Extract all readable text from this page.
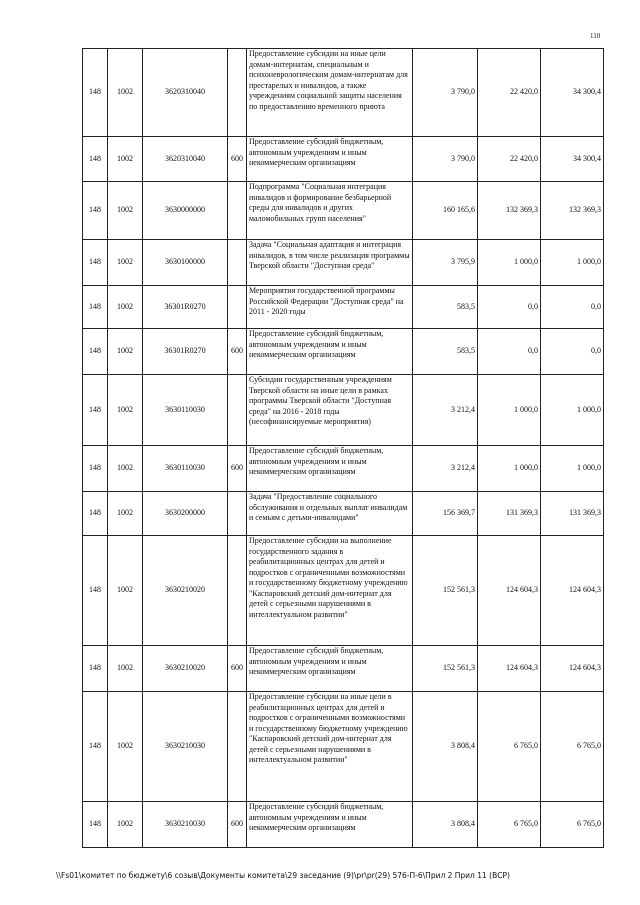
110
148	1002	3620310040		Предоставление субсидии на иные цели домам-интернатам, специальным и психоневрологическим домам-интернатам для престарелых и инвалидов, а также учреждениям социальной защиты населения по предоставлению временного приюта	3 790,0	22 420,0	34 300,4
148	1002	3620310040	600	Предоставление субсидий бюджетным, автономным учреждениям и иным некоммерческим организациям	3 790,0	22 420,0	34 300,4
148	1002	3630000000		Подпрограмма "Социальная интеграция инвалидов и формирование безбарьерной среды для инвалидов и других маломобильных групп населения"	160 165,6	132 369,3	132 369,3
148	1002	3630100000		Задача "Социальная адаптация и интеграция инвалидов, в том числе реализация программы Тверской области "Доступная среда"	3 795,9	1 000,0	1 000,0
148	1002	36301R0270		Мероприятия государственной программы Российской Федерации "Доступная среда" на 2011 - 2020 годы	583,5	0,0	0,0
148	1002	36301R0270	600	Предоставление субсидий бюджетным, автономным учреждениям и иным некоммерческим организациям	583,5	0,0	0,0
148	1002	3630110030		Субсидии государственным учреждениям Тверской области на иные цели в рамках программы Тверской области "Доступная среда" на 2016 - 2018 годы (несофинансируемые мероприятия)	3 212,4	1 000,0	1 000,0
148	1002	3630110030	600	Предоставление субсидий бюджетным, автономным учреждениям и иным некоммерческим организациям	3 212,4	1 000,0	1 000,0
148	1002	3630200000		Задача "Предоставление социального обслуживания и отдельных выплат инвалидам и семьям с детьми-инвалидами"	156 369,7	131 369,3	131 369,3
148	1002	3630210020		Предоставление субсидии на выполнение государственного задания в реабилитационных центрах для детей и подростков с ограниченными возможностями и государственному бюджетному учреждению "Каспаровский детский дом-интернат для детей с серьезными нарушениями в интеллектуальном развитии"	152 561,3	124 604,3	124 604,3
148	1002	3630210020	600	Предоставление субсидий бюджетным, автономным учреждениям и иным некоммерческим организациям	152 561,3	124 604,3	124 604,3
148	1002	3630210030		Предоставление субсидии на иные цели в реабилитационных центрах для детей и подростков с ограниченными возможностями и государственному бюджетному учреждению "Каспаровский детский дом-интернат для детей с серьезными нарушениями в интеллектуальном развитии"	3 808,4	6 765,0	6 765,0
148	1002	3630210030	600	Предоставление субсидий бюджетным, автономным учреждениям и иным некоммерческим организациям	3 808,4	6 765,0	6 765,0
\\Fs01\комитет по бюджету\6 созыв\Документы комитета\29 заседание (9)\pr\pr(29) 576-П-6\Прил 2 Прил 11 (ВСР)
